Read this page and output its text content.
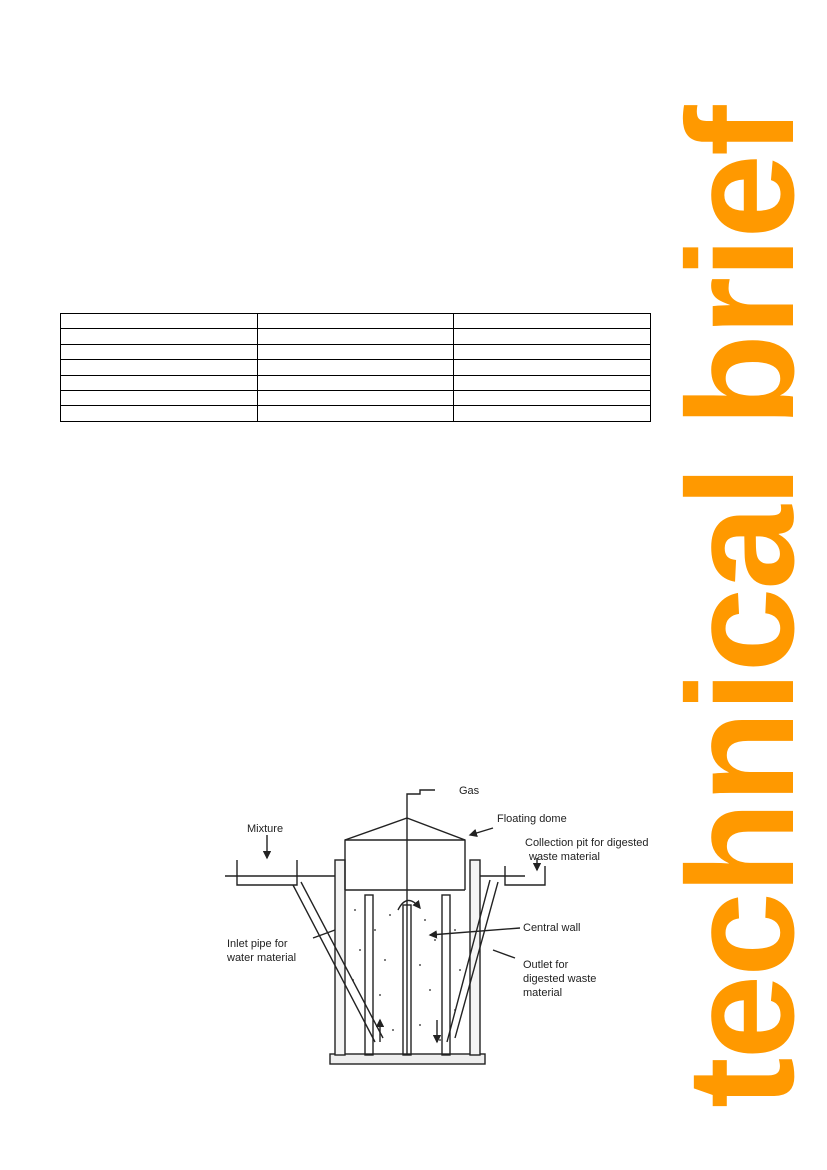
technical brief
Gas
Floating dome
Mixture
Collection pit for digested
waste material
Central wall
Inlet pipe for
water material
Outlet for
digested waste
material
